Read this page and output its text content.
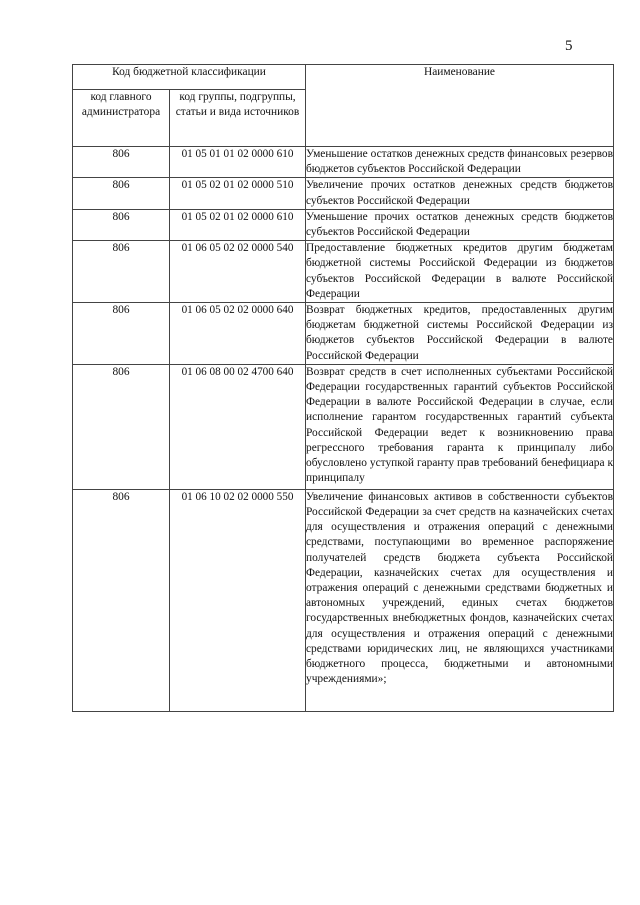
5
Код бюджетной классификации		Наименование
код главного администратора	код группы, подгруппы, статьи и вида источников	
806	01 05 01 01 02 0000 610	Уменьшение остатков денежных средств финансовых резервов бюджетов субъектов Российской Федерации
806	01 05 02 01 02 0000 510	Увеличение прочих остатков денежных средств бюджетов субъектов Российской Федерации
806	01 05 02 01 02 0000 610	Уменьшение прочих остатков денежных средств бюджетов субъектов Российской Федерации
806	01 06 05 02 02 0000 540	Предоставление бюджетных кредитов другим бюджетам бюджетной системы Российской Федерации из бюджетов субъектов Российской Федерации в валюте Российской Федерации
806	01 06 05 02 02 0000 640	Возврат бюджетных кредитов, предоставленных другим бюджетам бюджетной системы Российской Федерации из бюджетов субъектов Российской Федерации в валюте Российской Федерации
806	01 06 08 00 02 4700 640	Возврат средств в счет исполненных субъектами Российской Федерации государственных гарантий субъектов Российской Федерации в валюте Российской Федерации в случае, если исполнение гарантом государственных гарантий субъекта Российской Федерации ведет к возникновению права регрессного требования гаранта к принципалу либо обусловлено уступкой гаранту прав требований бенефициара к принципалу
806	01 06 10 02 02 0000 550	Увеличение финансовых активов в собственности субъектов Российской Федерации за счет средств на казначейских счетах для осуществления и отражения операций с денежными средствами, поступающими во временное распоряжение получателей средств бюджета субъекта Российской Федерации, казначейских счетах для осуществления и отражения операций с денежными средствами бюджетных и автономных учреждений, единых счетах бюджетов государственных внебюджетных фондов, казначейских счетах для осуществления и отражения операций с денежными средствами юридических лиц, не являющихся участниками бюджетного процесса, бюджетными и автономными учреждениями»;
